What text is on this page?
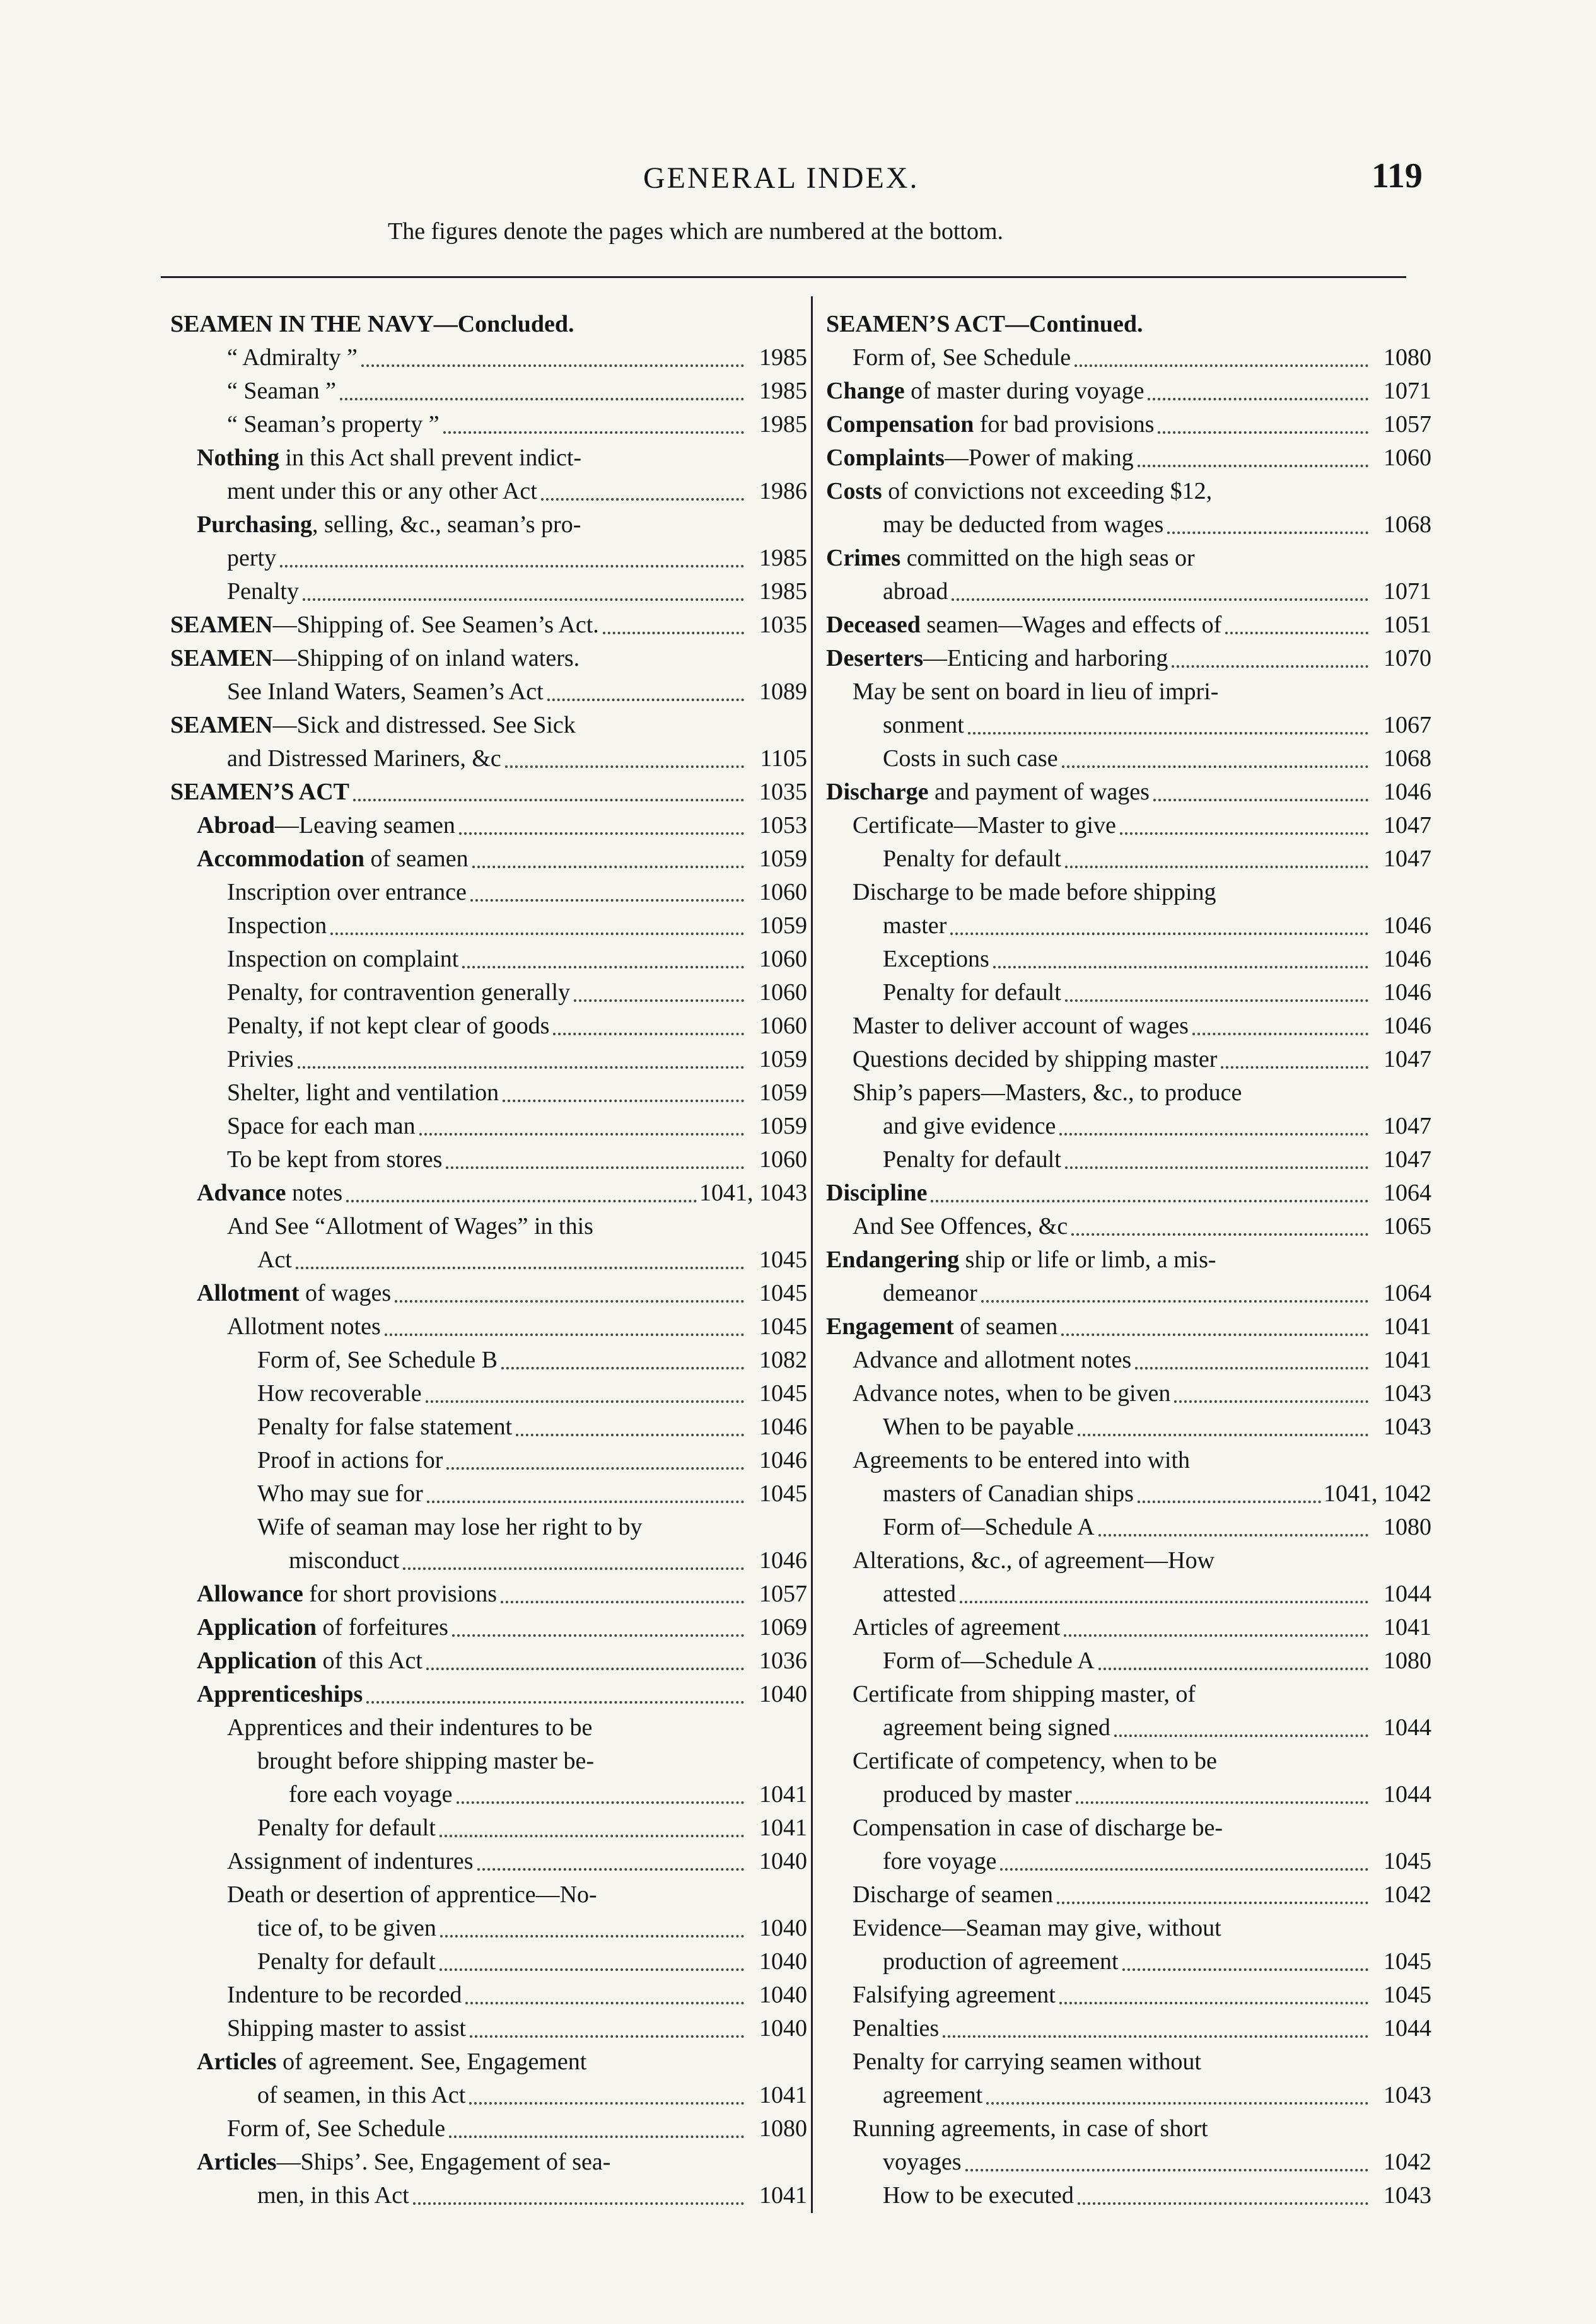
GENERAL INDEX.	119
The figures denote the pages which are numbered at the bottom.
SEAMEN IN THE NAVY—Concluded.
“ Admiralty ”	1985
“ Seaman ”	1985
“ Seaman’s property ”	1985
Nothing in this Act shall prevent indict-
ment under this or any other Act	1986
Purchasing, selling, &c., seaman’s pro-
perty	1985
Penalty	1985
SEAMEN—Shipping of. See Seamen’s Act.	1035
SEAMEN—Shipping of on inland waters.
See Inland Waters, Seamen’s Act	1089
SEAMEN—Sick and distressed. See Sick
and Distressed Mariners, &c	1105
SEAMEN’S ACT	1035
Abroad—Leaving seamen	1053
Accommodation of seamen	1059
Inscription over entrance	1060
Inspection	1059
Inspection on complaint	1060
Penalty, for contravention generally	1060
Penalty, if not kept clear of goods	1060
Privies	1059
Shelter, light and ventilation	1059
Space for each man	1059
To be kept from stores	1060
Advance notes	1041, 1043
And See “Allotment of Wages” in this
Act	1045
Allotment of wages	1045
Allotment notes	1045
Form of, See Schedule B	1082
How recoverable	1045
Penalty for false statement	1046
Proof in actions for	1046
Who may sue for	1045
Wife of seaman may lose her right to by
misconduct	1046
Allowance for short provisions	1057
Application of forfeitures	1069
Application of this Act	1036
Apprenticeships	1040
Apprentices and their indentures to be
brought before shipping master be-
fore each voyage	1041
Penalty for default	1041
Assignment of indentures	1040
Death or desertion of apprentice—No-
tice of, to be given	1040
Penalty for default	1040
Indenture to be recorded	1040
Shipping master to assist	1040
Articles of agreement. See, Engagement
of seamen, in this Act	1041
Form of, See Schedule	1080
Articles—Ships’. See, Engagement of sea-
men, in this Act	1041
SEAMEN’S ACT—Continued.
Form of, See Schedule	1080
Change of master during voyage	1071
Compensation for bad provisions	1057
Complaints—Power of making	1060
Costs of convictions not exceeding $12,
may be deducted from wages	1068
Crimes committed on the high seas or
abroad	1071
Deceased seamen—Wages and effects of	1051
Deserters—Enticing and harboring	1070
May be sent on board in lieu of impri-
sonment	1067
Costs in such case	1068
Discharge and payment of wages	1046
Certificate—Master to give	1047
Penalty for default	1047
Discharge to be made before shipping
master	1046
Exceptions	1046
Penalty for default	1046
Master to deliver account of wages	1046
Questions decided by shipping master	1047
Ship’s papers—Masters, &c., to produce
and give evidence	1047
Penalty for default	1047
Discipline	1064
And See Offences, &c	1065
Endangering ship or life or limb, a mis-
demeanor	1064
Engagement of seamen	1041
Advance and allotment notes	1041
Advance notes, when to be given	1043
When to be payable	1043
Agreements to be entered into with
masters of Canadian ships	1041, 1042
Form of—Schedule A	1080
Alterations, &c., of agreement—How
attested	1044
Articles of agreement	1041
Form of—Schedule A	1080
Certificate from shipping master, of
agreement being signed	1044
Certificate of competency, when to be
produced by master	1044
Compensation in case of discharge be-
fore voyage	1045
Discharge of seamen	1042
Evidence—Seaman may give, without
production of agreement	1045
Falsifying agreement	1045
Penalties	1044
Penalty for carrying seamen without
agreement	1043
Running agreements, in case of short
voyages	1042
How to be executed	1043
